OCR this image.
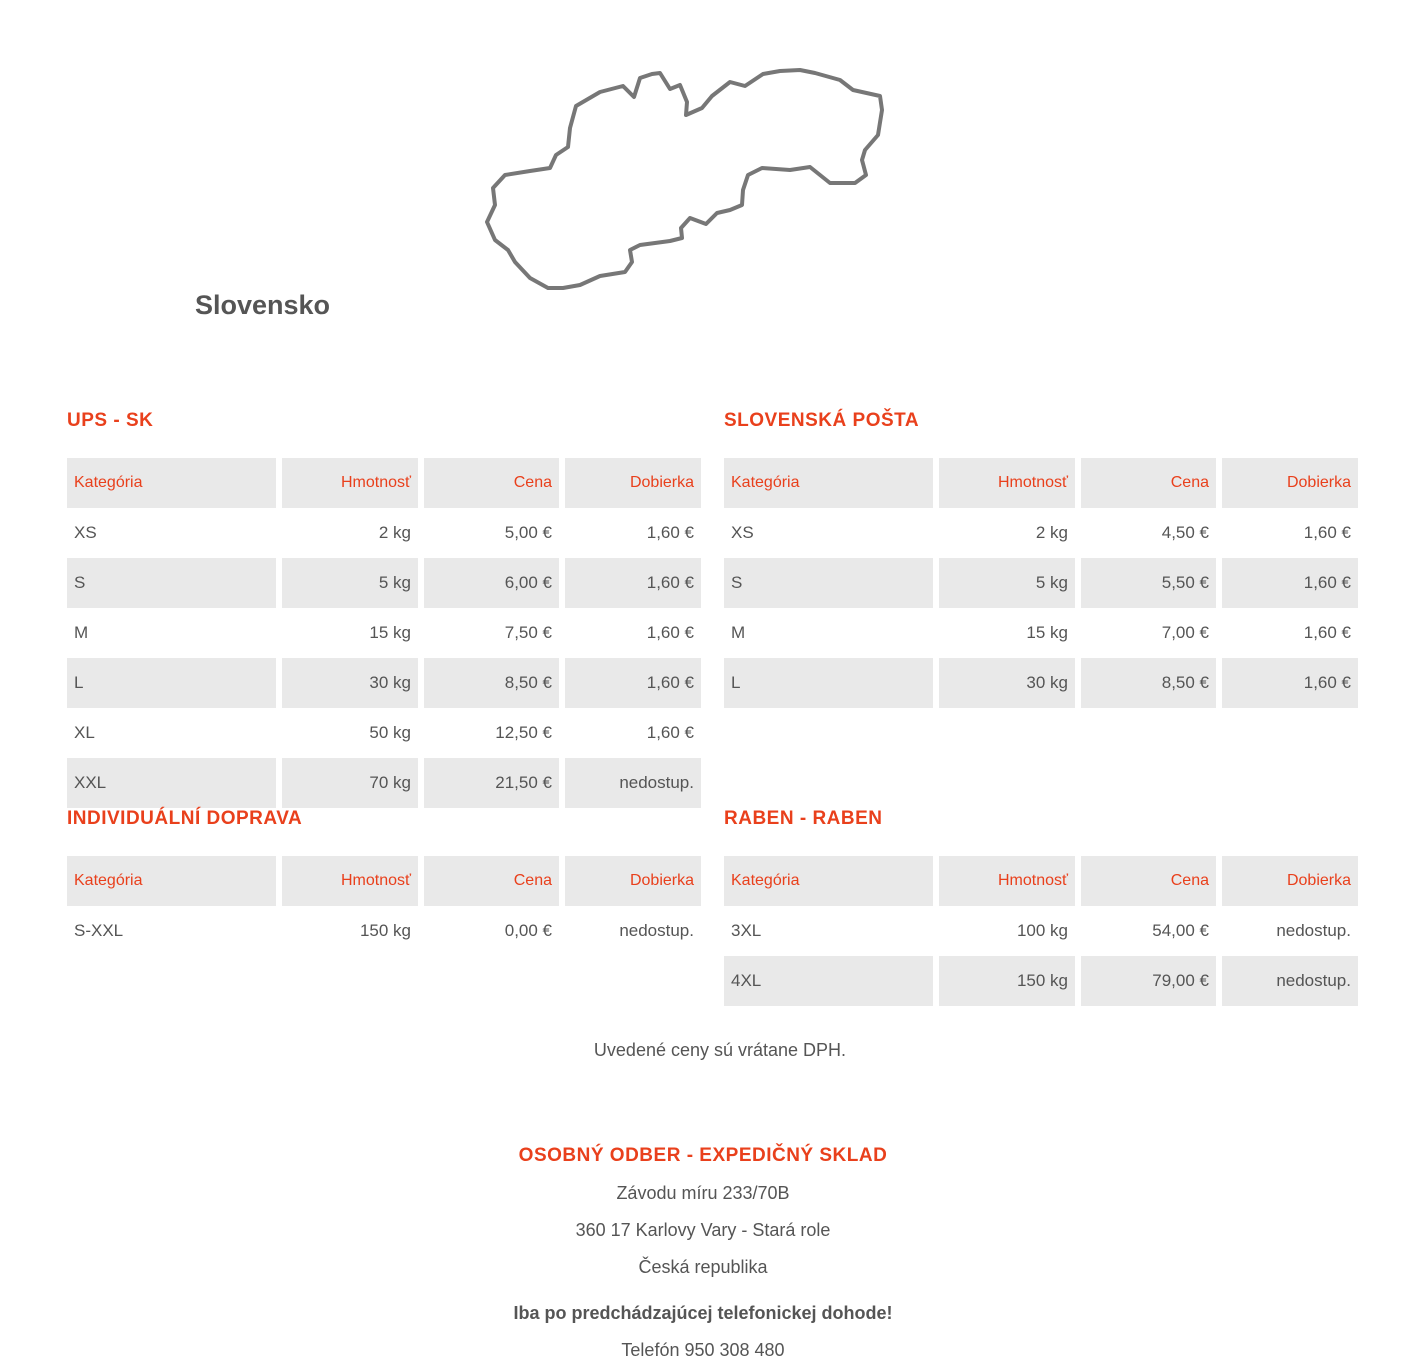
Slovensko
UPS - SK
Kategória	Hmotnosť	Cena	Dobierka
XS	2 kg	5,00 €	1,60 €
S	5 kg	6,00 €	1,60 €
M	15 kg	7,50 €	1,60 €
L	30 kg	8,50 €	1,60 €
XL	50 kg	12,50 €	1,60 €
XXL	70 kg	21,50 €	nedostup.
SLOVENSKÁ POŠTA
Kategória	Hmotnosť	Cena	Dobierka
XS	2 kg	4,50 €	1,60 €
S	5 kg	5,50 €	1,60 €
M	15 kg	7,00 €	1,60 €
L	30 kg	8,50 €	1,60 €
INDIVIDUÁLNÍ DOPRAVA
Kategória	Hmotnosť	Cena	Dobierka
S-XXL	150 kg	0,00 €	nedostup.
RABEN - RABEN
Kategória	Hmotnosť	Cena	Dobierka
3XL	100 kg	54,00 €	nedostup.
4XL	150 kg	79,00 €	nedostup.
Uvedené ceny sú vrátane DPH.
OSOBNÝ ODBER - EXPEDIČNÝ SKLAD

Závodu míru 233/70B

360 17 Karlovy Vary - Stará role

Česká republika

Iba po predchádzajúcej telefonickej dohode!

Telefón 950 308 480
